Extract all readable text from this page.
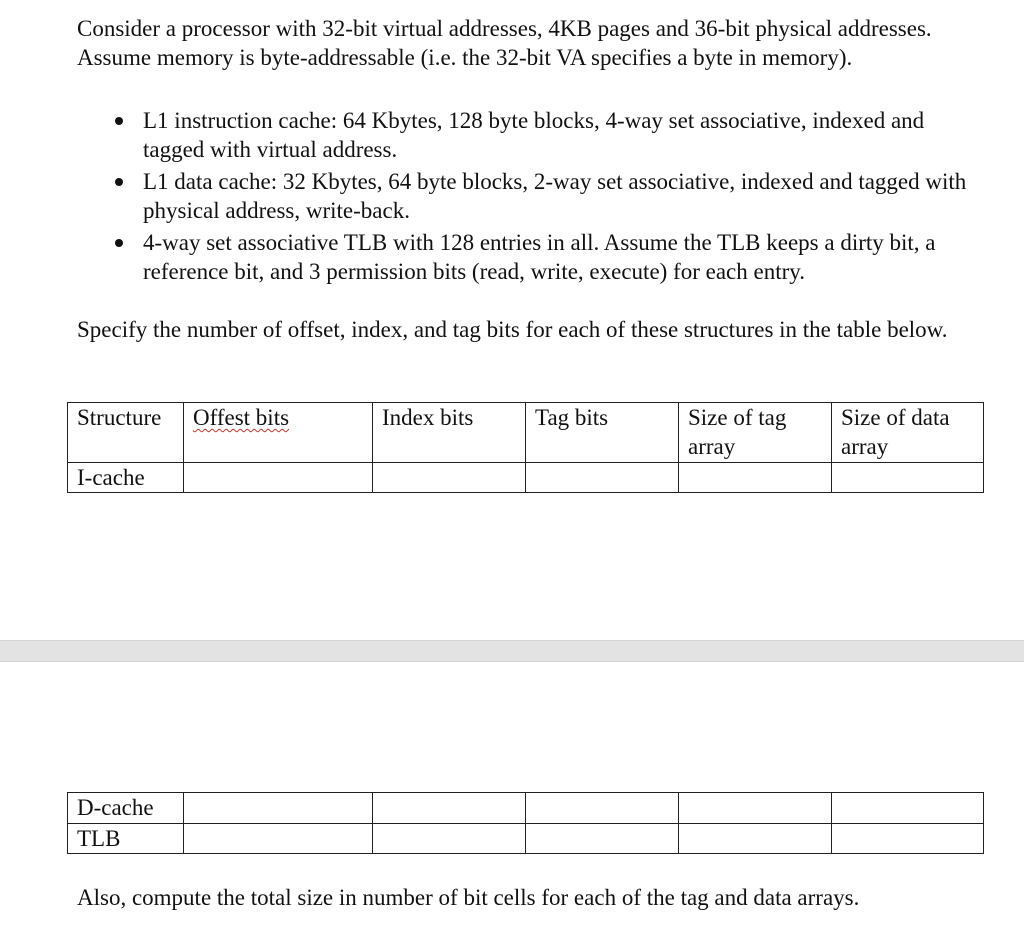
Consider a processor with 32-bit virtual addresses, 4KB pages and 36-bit physical addresses. Assume memory is byte-addressable (i.e. the 32-bit VA specifies a byte in memory).

L1 instruction cache: 64 Kbytes, 128 byte blocks, 4-way set associative, indexed and tagged with virtual address.

L1 data cache: 32 Kbytes, 64 byte blocks, 2-way set associative, indexed and tagged with physical address, write-back.

4-way set associative TLB with 128 entries in all. Assume the TLB keeps a dirty bit, a reference bit, and 3 permission bits (read, write, execute) for each entry.

Specify the number of offset, index, and tag bits for each of these structures in the table below.

Structure	Offest bits	Index bits	Tag bits	Size of tag array	Size of data array
I-cache					
D-cache					
TLB					

Also, compute the total size in number of bit cells for each of the tag and data arrays.
